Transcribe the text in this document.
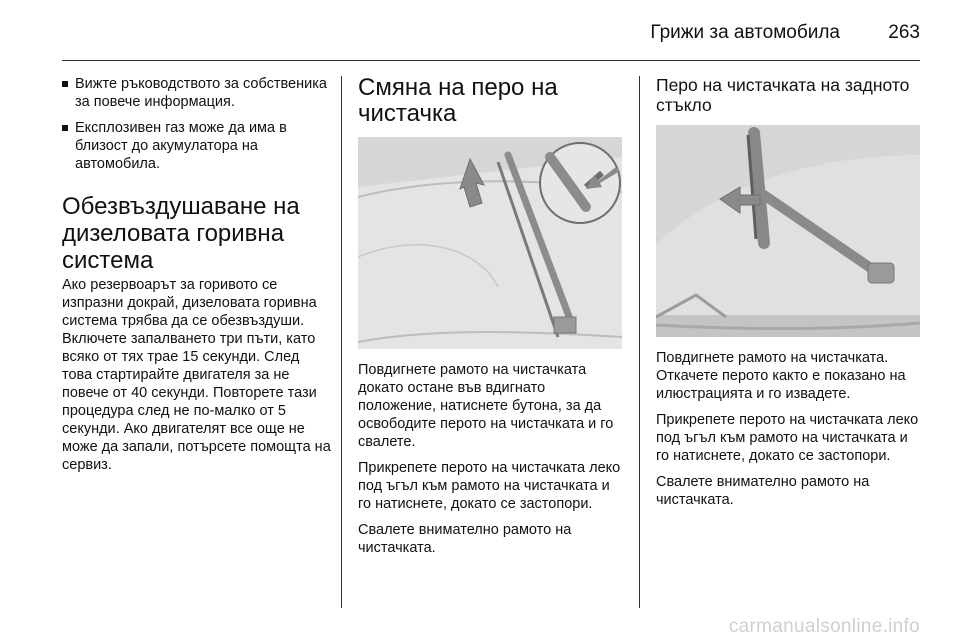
Грижи за автомобила	263
Вижте ръководството за собственика за повече информация.
Експлозивен газ може да има в близост до акумулатора на автомобила.
Обезвъздушаване на дизеловата горивна система

Ако резервоарът за горивото се изпразни докрай, дизеловата горивна система трябва да се обезвъздуши. Включете запалването три пъти, като всяко от тях трае 15 секунди. След това стартирайте двигателя за не повече от 40 секунди. Повторете тази процедура след не по-малко от 5 секунди. Ако двигателят все още не може да запали, потърсете помощта на сервиз.

Смяна на перо на чистачка

Повдигнете рамото на чистачката докато остане във вдигнато положение, натиснете бутона, за да освободите перото на чистачката и го свалете.

Прикрепете перото на чистачката леко под ъгъл към рамото на чистачката и го натиснете, докато се застопори.

Свалете внимателно рамото на чистачката.

Перо на чистачката на задното стъкло

Повдигнете рамото на чистачката. Откачете перото както е показано на илюстрацията и го извадете.

Прикрепете перото на чистачката леко под ъгъл към рамото на чистачката и го натиснете, докато се застопори.

Свалете внимателно рамото на чистачката.

carmanualsonline.info
